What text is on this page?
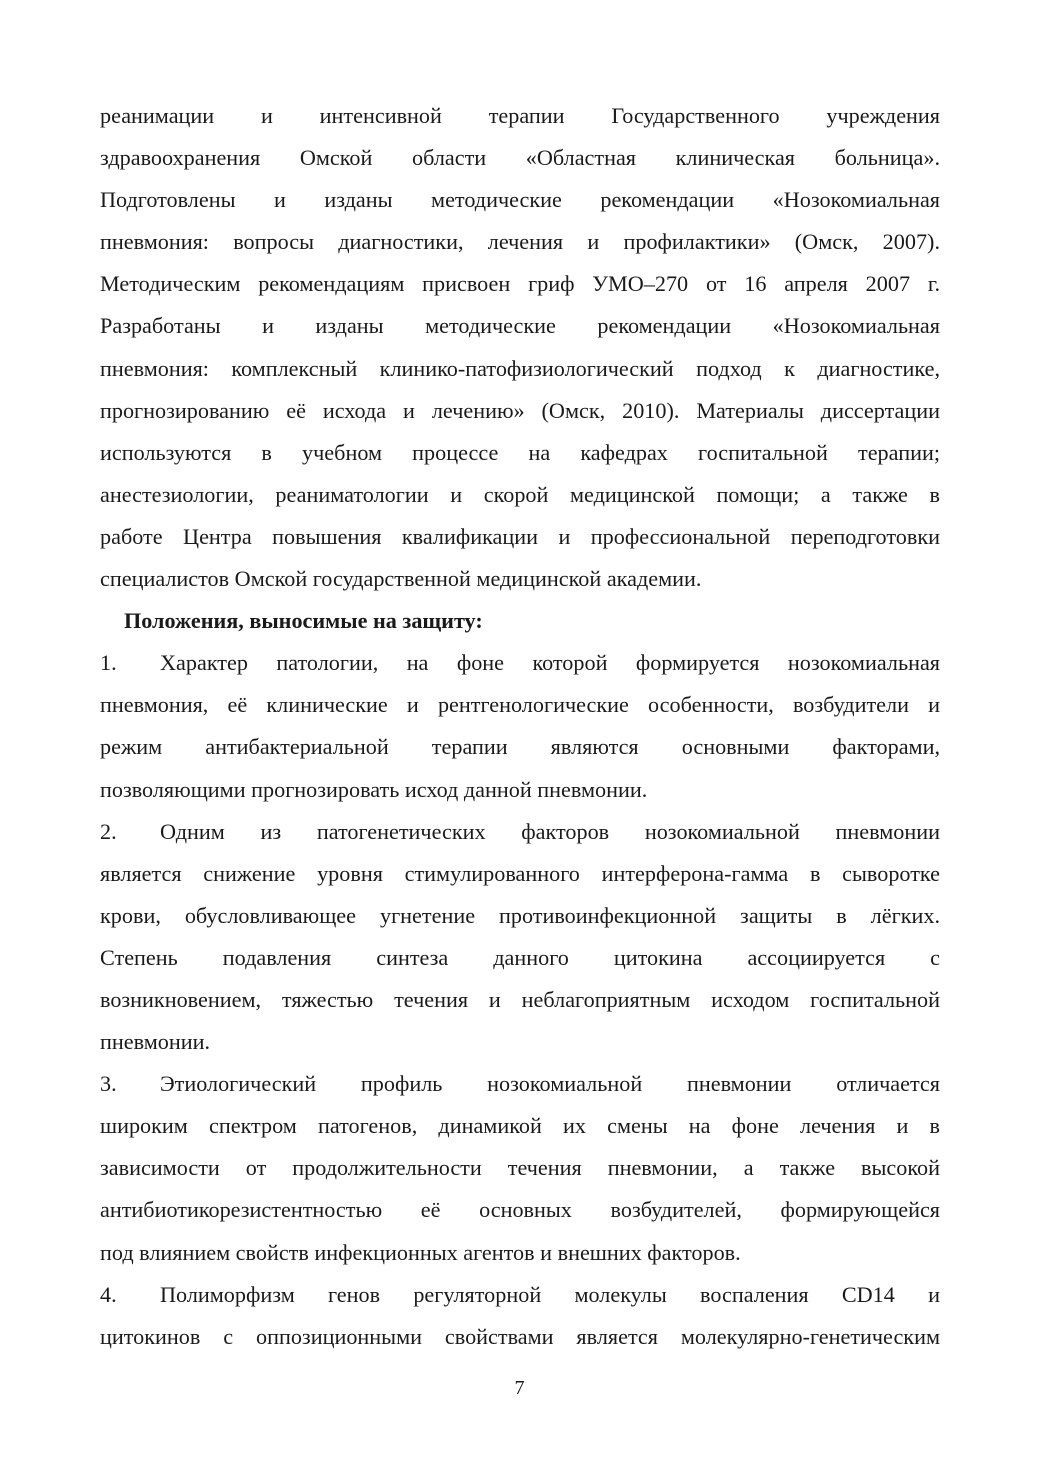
реанимации и интенсивной терапии Государственного учреждения
здравоохранения Омской области «Областная клиническая больница».
Подготовлены и изданы методические рекомендации «Нозокомиальная
пневмония: вопросы диагностики, лечения и профилактики» (Омск, 2007).
Методическим рекомендациям присвоен гриф УМО–270 от 16 апреля 2007 г.
Разработаны и изданы методические рекомендации «Нозокомиальная
пневмония: комплексный клинико-патофизиологический подход к диагностике,
прогнозированию её исхода и лечению» (Омск, 2010). Материалы диссертации
используются в учебном процессе на кафедрах госпитальной терапии;
анестезиологии, реаниматологии и скорой медицинской помощи; а также в
работе Центра повышения квалификации и профессиональной переподготовки
специалистов Омской государственной медицинской академии.

Положения, выносимые на защиту:

1.	Характер патологии, на фоне которой формируется нозокомиальная
пневмония, её клинические и рентгенологические особенности, возбудители и
режим антибактериальной терапии являются основными факторами,
позволяющими прогнозировать исход данной пневмонии.
2.	Одним из патогенетических факторов нозокомиальной пневмонии
является снижение уровня стимулированного интерферона-гамма в сыворотке
крови, обусловливающее угнетение противоинфекционной защиты в лёгких.
Степень подавления синтеза данного цитокина ассоциируется с
возникновением, тяжестью течения и неблагоприятным исходом госпитальной
пневмонии.
3.	Этиологический профиль нозокомиальной пневмонии отличается
широким спектром патогенов, динамикой их смены на фоне лечения и в
зависимости от продолжительности течения пневмонии, а также высокой
антибиотикорезистентностью её основных возбудителей, формирующейся
под влиянием свойств инфекционных агентов и внешних факторов.
4.	Полиморфизм генов регуляторной молекулы воспаления CD14 и
цитокинов с оппозиционными свойствами является молекулярно-генетическим
7
